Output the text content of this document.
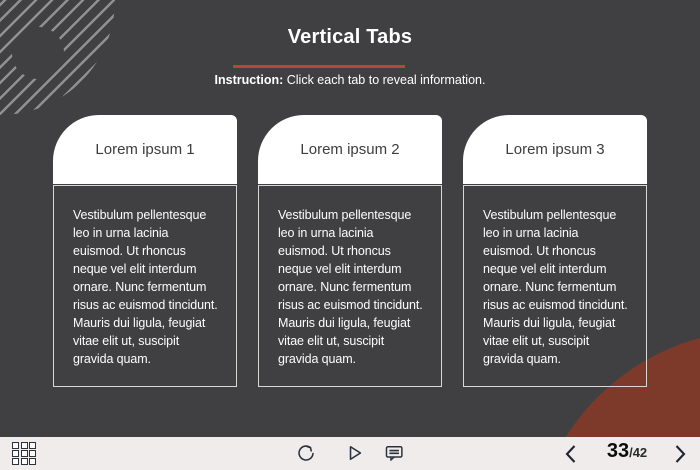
Vertical Tabs
Instruction: Click each tab to reveal information.
Lorem ipsum 1
Vestibulum pellentesque leo in urna lacinia euismod. Ut rhoncus neque vel elit interdum ornare. Nunc fermentum risus ac euismod tincidunt. Mauris dui ligula, feugiat vitae elit ut, suscipit gravida quam.
Lorem ipsum 2
Vestibulum pellentesque leo in urna lacinia euismod. Ut rhoncus neque vel elit interdum ornare. Nunc fermentum risus ac euismod tincidunt. Mauris dui ligula, feugiat vitae elit ut, suscipit gravida quam.
Lorem ipsum 3
Vestibulum pellentesque leo in urna lacinia euismod. Ut rhoncus neque vel elit interdum ornare. Nunc fermentum risus ac euismod tincidunt. Mauris dui ligula, feugiat vitae elit ut, suscipit gravida quam.
33/42
